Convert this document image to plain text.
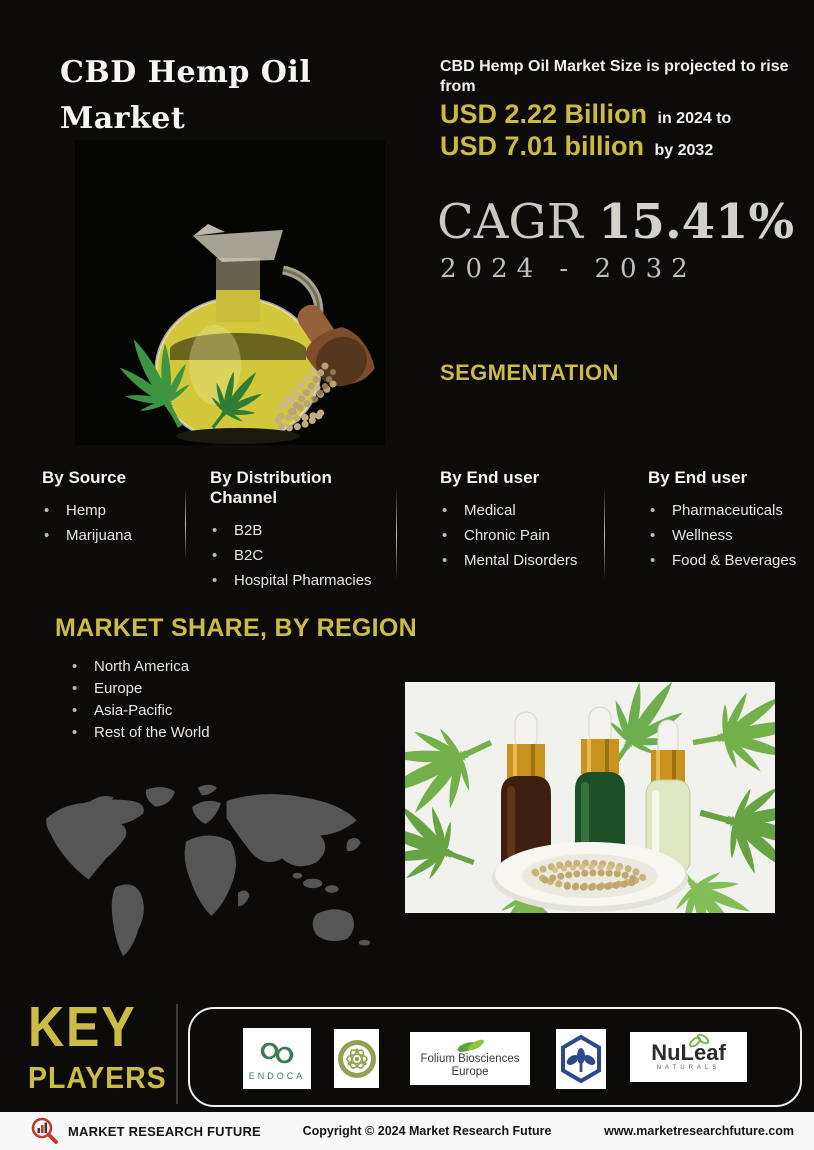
CBD Hemp Oil
Market
CBD Hemp Oil Market Size is projected to rise from
USD 2.22 Billion in 2024 to
USD 7.01 billion by 2032
CAGR 15.41%
2024 - 2032
SEGMENTATION
By Source
• Hemp
• Marijuana
By Distribution Channel
• B2B
• B2C
• Hospital Pharmacies
By End user
• Medical
• Chronic Pain
• Mental Disorders
By End user
• Pharmaceuticals
• Wellness
• Food & Beverages
MARKET SHARE, BY REGION
• North America
• Europe
• Asia-Pacific
• Rest of the World
KEY
PLAYERS	ENDOCA
Folium Biosciences
Europe
NuLeaf
NATURALS
MARKET RESEARCH FUTURE	Copyright © 2024 Market Research Future	www.marketresearchfuture.com
